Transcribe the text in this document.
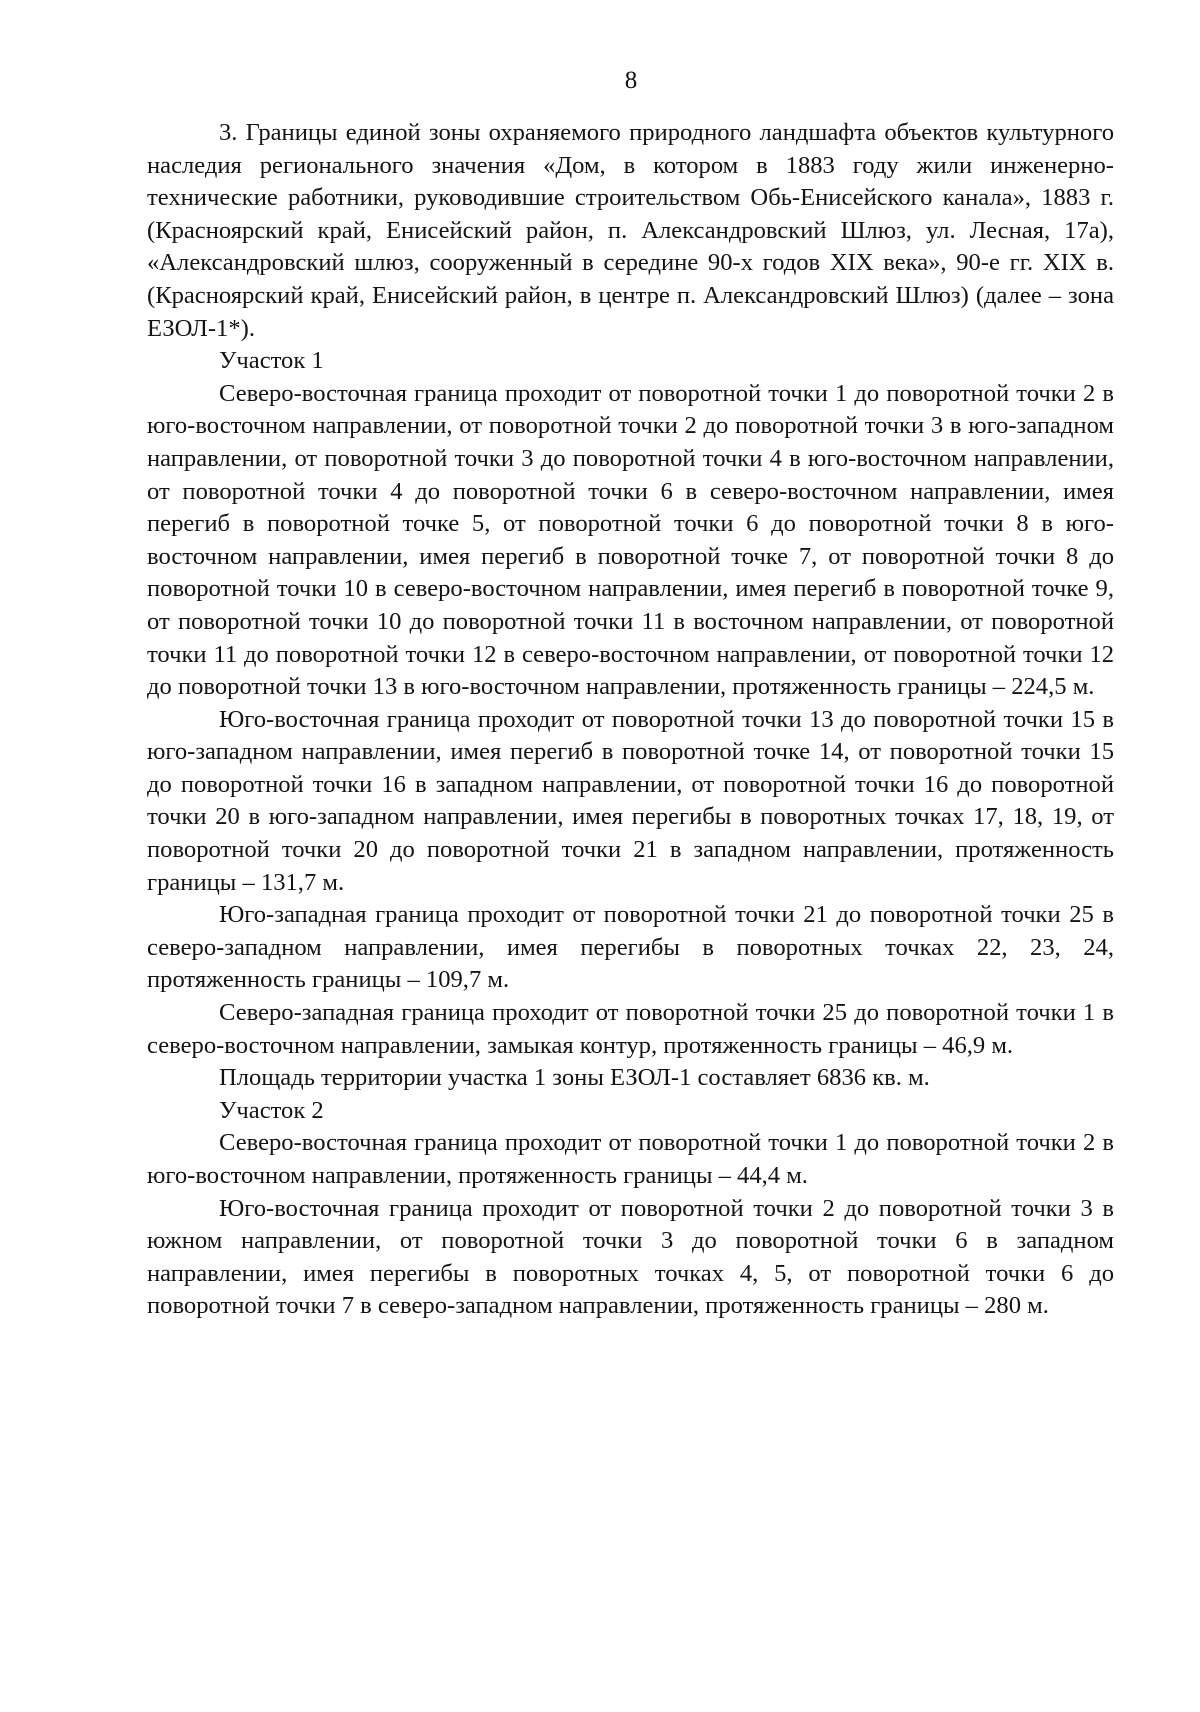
8

3. Границы единой зоны охраняемого природного ландшафта объектов культурного наследия регионального значения «Дом, в котором в 1883 году жили инженерно-технические работники, руководившие строительством Обь-Енисейского канала», 1883 г. (Красноярский край, Енисейский район, п. Александровский Шлюз, ул. Лесная, 17а), «Александровский шлюз, сооруженный в середине 90-х годов XIX века», 90-е гг. XIX в. (Красноярский край, Енисейский район, в центре п. Александровский Шлюз) (далее – зона ЕЗОЛ-1*).

Участок 1

Северо-восточная граница проходит от поворотной точки 1 до поворотной точки 2 в юго-восточном направлении, от поворотной точки 2 до поворотной точки 3 в юго-западном направлении, от поворотной точки 3 до поворотной точки 4 в юго-восточном направлении, от поворотной точки 4 до поворотной точки 6 в северо-восточном направлении, имея перегиб в поворотной точке 5, от поворотной точки 6 до поворотной точки 8 в юго-восточном направлении, имея перегиб в поворотной точке 7, от поворотной точки 8 до поворотной точки 10 в северо-восточном направлении, имея перегиб в поворотной точке 9, от поворотной точки 10 до поворотной точки 11 в восточном направлении, от поворотной точки 11 до поворотной точки 12 в северо-восточном направлении, от поворотной точки 12 до поворотной точки 13 в юго-восточном направлении, протяженность границы – 224,5 м.

Юго-восточная граница проходит от поворотной точки 13 до поворотной точки 15 в юго-западном направлении, имея перегиб в поворотной точке 14, от поворотной точки 15 до поворотной точки 16 в западном направлении, от поворотной точки 16 до поворотной точки 20 в юго-западном направлении, имея перегибы в поворотных точках 17, 18, 19, от поворотной точки 20 до поворотной точки 21 в западном направлении, протяженность границы – 131,7 м.

Юго-западная граница проходит от поворотной точки 21 до поворотной точки 25 в северо-западном направлении, имея перегибы в поворотных точках 22, 23, 24, протяженность границы – 109,7 м.

Северо-западная граница проходит от поворотной точки 25 до поворотной точки 1 в северо-восточном направлении, замыкая контур, протяженность границы – 46,9 м.

Площадь территории участка 1 зоны ЕЗОЛ-1 составляет 6836 кв. м.

Участок 2

Северо-восточная граница проходит от поворотной точки 1 до поворотной точки 2 в юго-восточном направлении, протяженность границы – 44,4 м.

Юго-восточная граница проходит от поворотной точки 2 до поворотной точки 3 в южном направлении, от поворотной точки 3 до поворотной точки 6 в западном направлении, имея перегибы в поворотных точках 4, 5, от поворотной точки 6 до поворотной точки 7 в северо-западном направлении, протяженность границы – 280 м.
